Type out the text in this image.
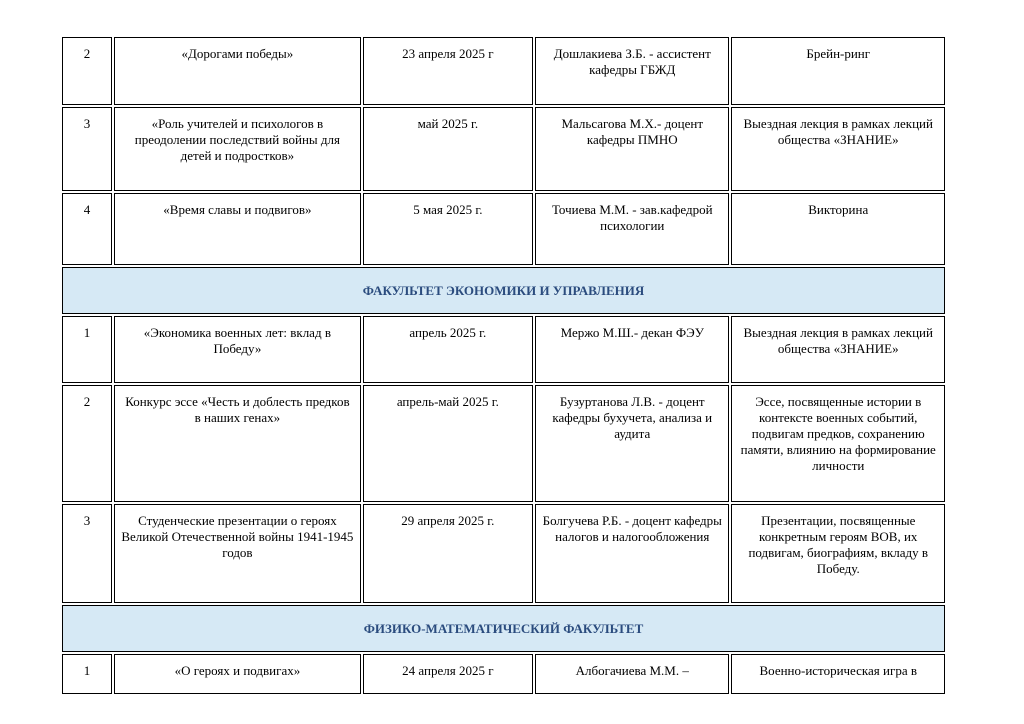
2	«Дорогами победы»	23 апреля 2025 г	Дошлакиева З.Б. - ассистент кафедры ГБЖД	Брейн-ринг
3	«Роль учителей и психологов в преодолении последствий войны для детей и подростков»	май 2025 г.	Мальсагова М.Х.- доцент кафедры ПМНО	Выездная лекция в рамках лекций общества «ЗНАНИЕ»
4	«Время славы и подвигов»	5 мая 2025 г.	Точиева М.М. - зав.кафедрой психологии	Викторина
ФАКУЛЬТЕТ ЭКОНОМИКИ И УПРАВЛЕНИЯ				
1	«Экономика военных лет: вклад в Победу»	апрель 2025 г.	Мержо М.Ш.- декан ФЭУ	Выездная лекция в рамках лекций общества «ЗНАНИЕ»
2	Конкурс эссе «Честь и доблесть предков в наших генах»	апрель-май 2025 г.	Бузуртанова Л.В. - доцент кафедры бухучета, анализа и аудита	Эссе, посвященные истории в контексте военных событий, подвигам предков, сохранению памяти, влиянию на формирование личности
3	Студенческие презентации о героях Великой Отечественной войны 1941-1945 годов	29 апреля 2025 г.	Болгучева Р.Б. - доцент кафедры налогов и налогообложения	Презентации, посвященные конкретным героям ВОВ, их подвигам, биографиям, вкладу в Победу.
ФИЗИКО-МАТЕМАТИЧЕСКИЙ ФАКУЛЬТЕТ				
1	«О героях и подвигах»	24 апреля 2025 г	Албогачиева М.М. –	Военно-историческая игра в
